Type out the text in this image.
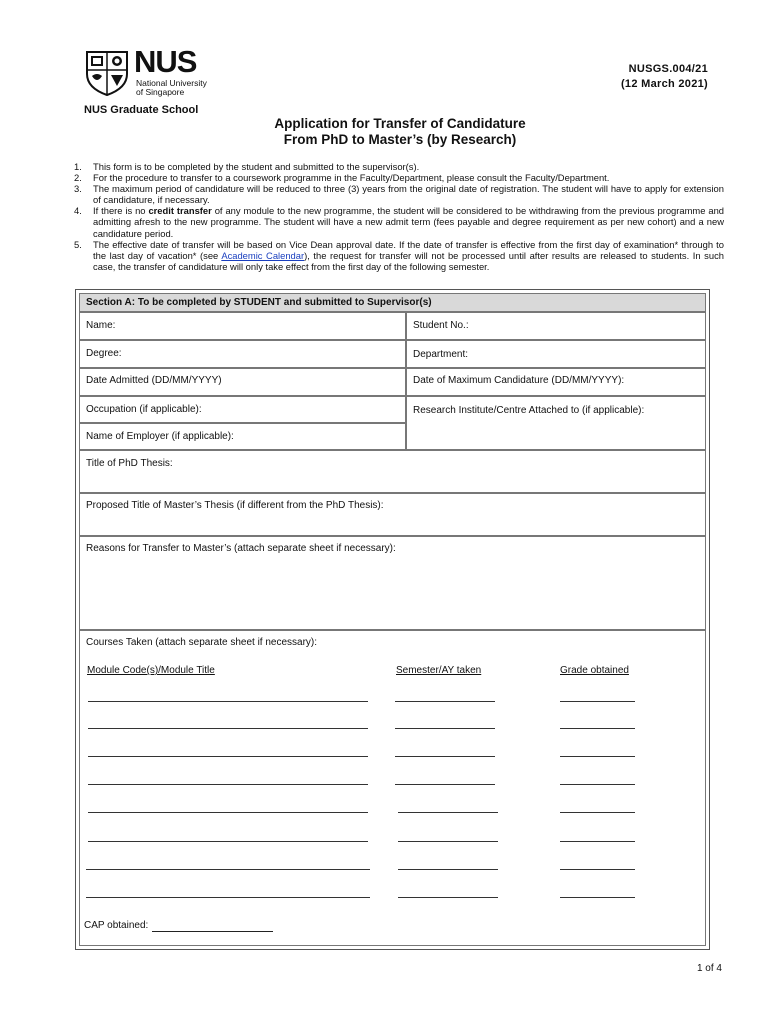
NUS
National University
of Singapore
NUS Graduate School
NUSGS.004/21
(12 March 2021)
Application for Transfer of Candidature
From PhD to Master’s (by Research)
1. This form is to be completed by the student and submitted to the supervisor(s).
2. For the procedure to transfer to a coursework programme in the Faculty/Department, please consult the Faculty/Department.
3. The maximum period of candidature will be reduced to three (3) years from the original date of registration. The student will have to apply for extension of candidature, if necessary.
4. If there is no credit transfer of any module to the new programme, the student will be considered to be withdrawing from the previous programme and admitting afresh to the new programme. The student will have a new admit term (fees payable and degree requirement as per new cohort) and a new candidature period.
5. The effective date of transfer will be based on Vice Dean approval date. If the date of transfer is effective from the first day of examination* through to the last day of vacation* (see Academic Calendar), the request for transfer will not be processed until after results are released to students. In such case, the transfer of candidature will only take effect from the first day of the following semester.
Section A: To be completed by STUDENT and submitted to Supervisor(s)
Name:	Student No.:
Degree:	Department:
Date Admitted (DD/MM/YYYY)	Date of Maximum Candidature (DD/MM/YYYY):
Occupation (if applicable):	Research Institute/Centre Attached to (if applicable):
Name of Employer (if applicable):
Title of PhD Thesis:
Proposed Title of Master’s Thesis (if different from the PhD Thesis):
Reasons for Transfer to Master’s (attach separate sheet if necessary):
Courses Taken (attach separate sheet if necessary):
Module Code(s)/Module Title	Semester/AY taken	Grade obtained
CAP obtained:
1 of 4
